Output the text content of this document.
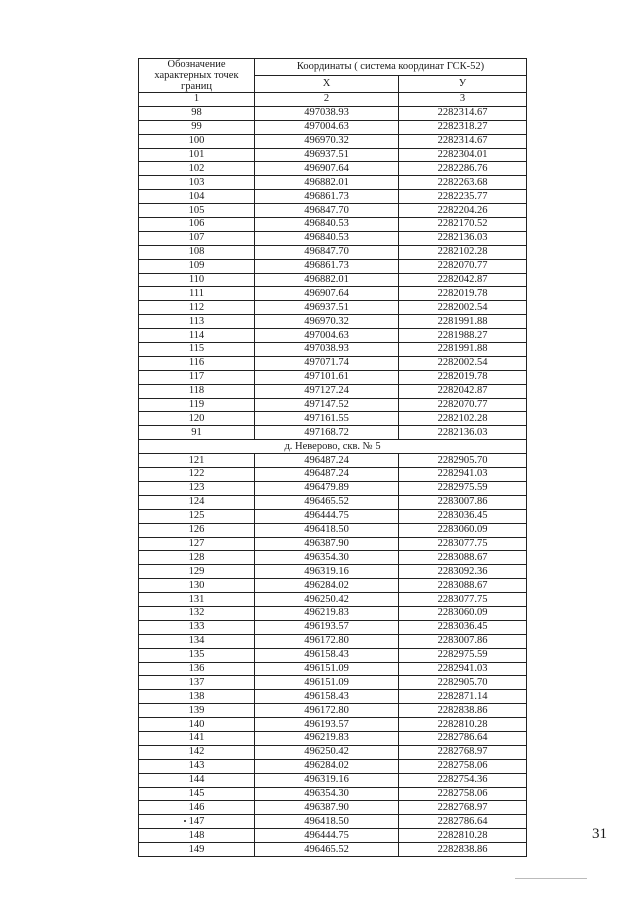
Обозначение характерных точек границ	Координаты ( система координат ГСК-52)	
	X	У
1	2	3
98	497038.93	2282314.67
99	497004.63	2282318.27
100	496970.32	2282314.67
101	496937.51	2282304.01
102	496907.64	2282286.76
103	496882.01	2282263.68
104	496861.73	2282235.77
105	496847.70	2282204.26
106	496840.53	2282170.52
107	496840.53	2282136.03
108	496847.70	2282102.28
109	496861.73	2282070.77
110	496882.01	2282042.87
111	496907.64	2282019.78
112	496937.51	2282002.54
113	496970.32	2281991.88
114	497004.63	2281988.27
115	497038.93	2281991.88
116	497071.74	2282002.54
117	497101.61	2282019.78
118	497127.24	2282042.87
119	497147.52	2282070.77
120	497161.55	2282102.28
91	497168.72	2282136.03
д. Неверово, скв. № 5		
121	496487.24	2282905.70
122	496487.24	2282941.03
123	496479.89	2282975.59
124	496465.52	2283007.86
125	496444.75	2283036.45
126	496418.50	2283060.09
127	496387.90	2283077.75
128	496354.30	2283088.67
129	496319.16	2283092.36
130	496284.02	2283088.67
131	496250.42	2283077.75
132	496219.83	2283060.09
133	496193.57	2283036.45
134	496172.80	2283007.86
135	496158.43	2282975.59
136	496151.09	2282941.03
137	496151.09	2282905.70
138	496158.43	2282871.14
139	496172.80	2282838.86
140	496193.57	2282810.28
141	496219.83	2282786.64
142	496250.42	2282768.97
143	496284.02	2282758.06
144	496319.16	2282754.36
145	496354.30	2282758.06
146	496387.90	2282768.97
147	496418.50	2282786.64
148	496444.75	2282810.28
149	496465.52	2282838.86
31
